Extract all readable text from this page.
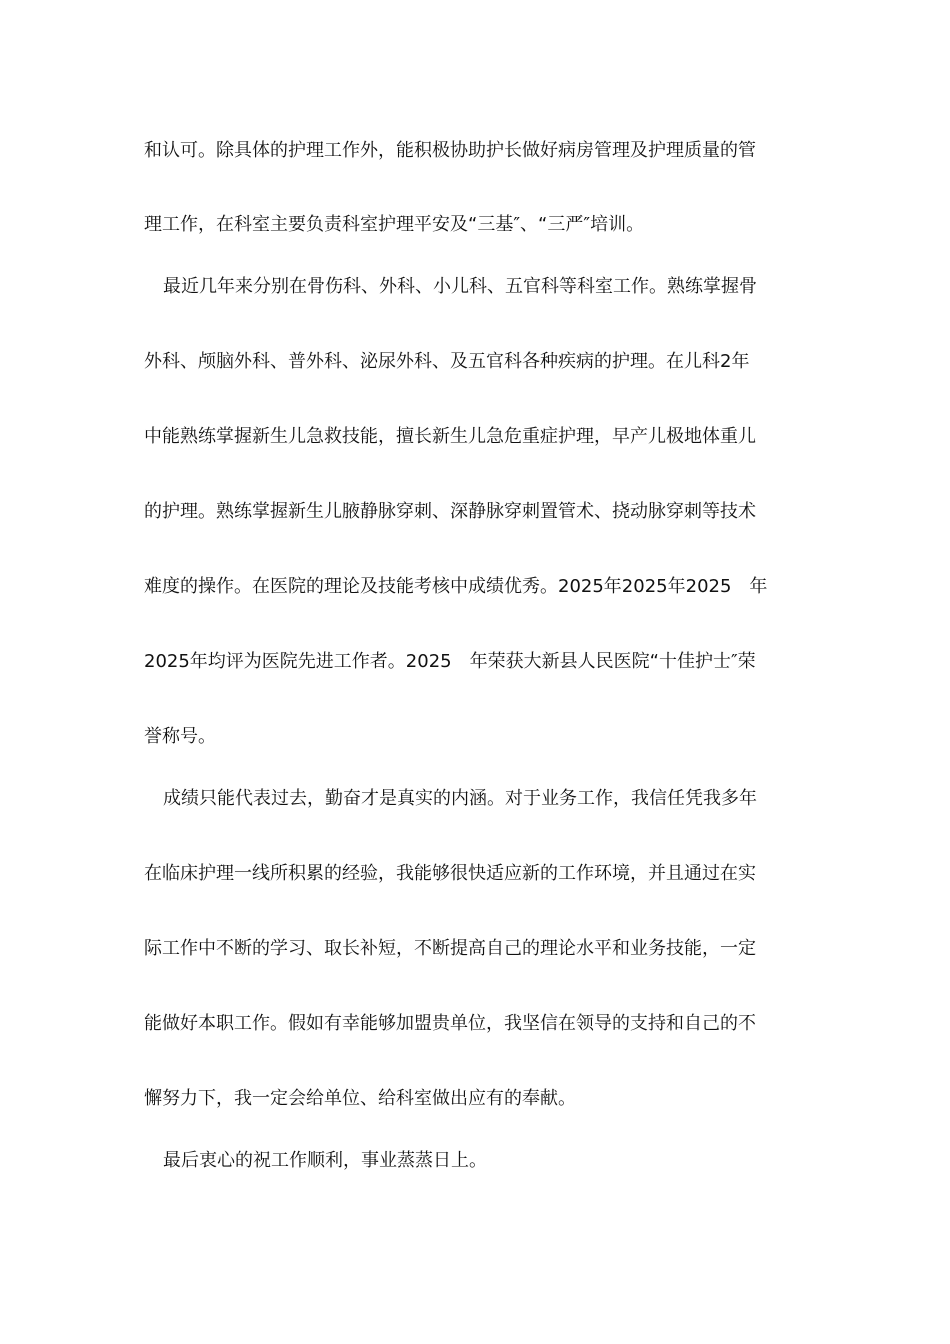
和认可。除具体的护理工作外，能积极协助护长做好病房管理及护理质量的管
理工作，在科室主要负责科室护理平安及“三基″、“三严″培训。
最近几年来分别在骨伤科、外科、小儿科、五官科等科室工作。熟练掌握骨
外科、颅脑外科、普外科、泌尿外科、及五官科各种疾病的护理。在儿科2年
中能熟练掌握新生儿急救技能，擅长新生儿急危重症护理，早产儿极地体重儿
的护理。熟练掌握新生儿腋静脉穿刺、深静脉穿刺置管术、挠动脉穿刺等技术
难度的操作。在医院的理论及技能考核中成绩优秀。2025年2025年2025　年
2025年均评为医院先进工作者。2025　年荣获大新县人民医院“十佳护士″荣
誉称号。
成绩只能代表过去，勤奋才是真实的内涵。对于业务工作，我信任凭我多年
在临床护理一线所积累的经验，我能够很快适应新的工作环境，并且通过在实
际工作中不断的学习、取长补短，不断提高自己的理论水平和业务技能，一定
能做好本职工作。假如有幸能够加盟贵单位，我坚信在领导的支持和自己的不
懈努力下，我一定会给单位、给科室做出应有的奉献。
最后衷心的祝工作顺利，事业蒸蒸日上。
